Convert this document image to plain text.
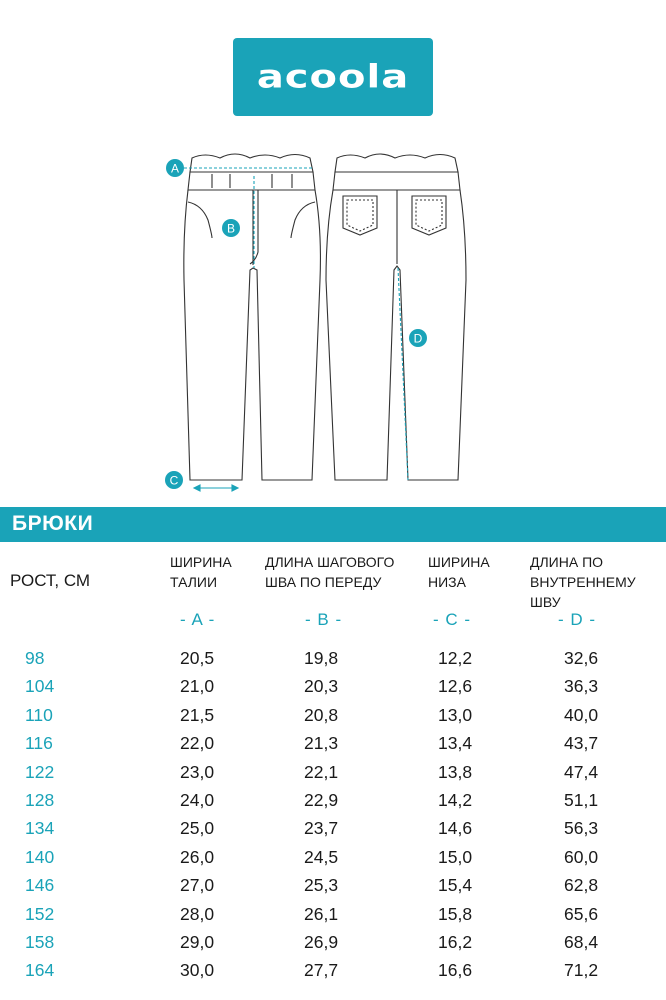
acoola
A
B
C
D
БРЮКИ
РОСТ, СМ
ШИРИНА
ТАЛИИ
ДЛИНА ШАГОВОГО
ШВА ПО ПЕРЕДУ
ШИРИНА
НИЗА
ДЛИНА ПО
ВНУТРЕННЕМУ ШВУ
- A -	- B -	- C -	- D -
98	20,5	19,8	12,2	32,6
104	21,0	20,3	12,6	36,3
110	21,5	20,8	13,0	40,0
116	22,0	21,3	13,4	43,7
122	23,0	22,1	13,8	47,4
128	24,0	22,9	14,2	51,1
134	25,0	23,7	14,6	56,3
140	26,0	24,5	15,0	60,0
146	27,0	25,3	15,4	62,8
152	28,0	26,1	15,8	65,6
158	29,0	26,9	16,2	68,4
164	30,0	27,7	16,6	71,2
